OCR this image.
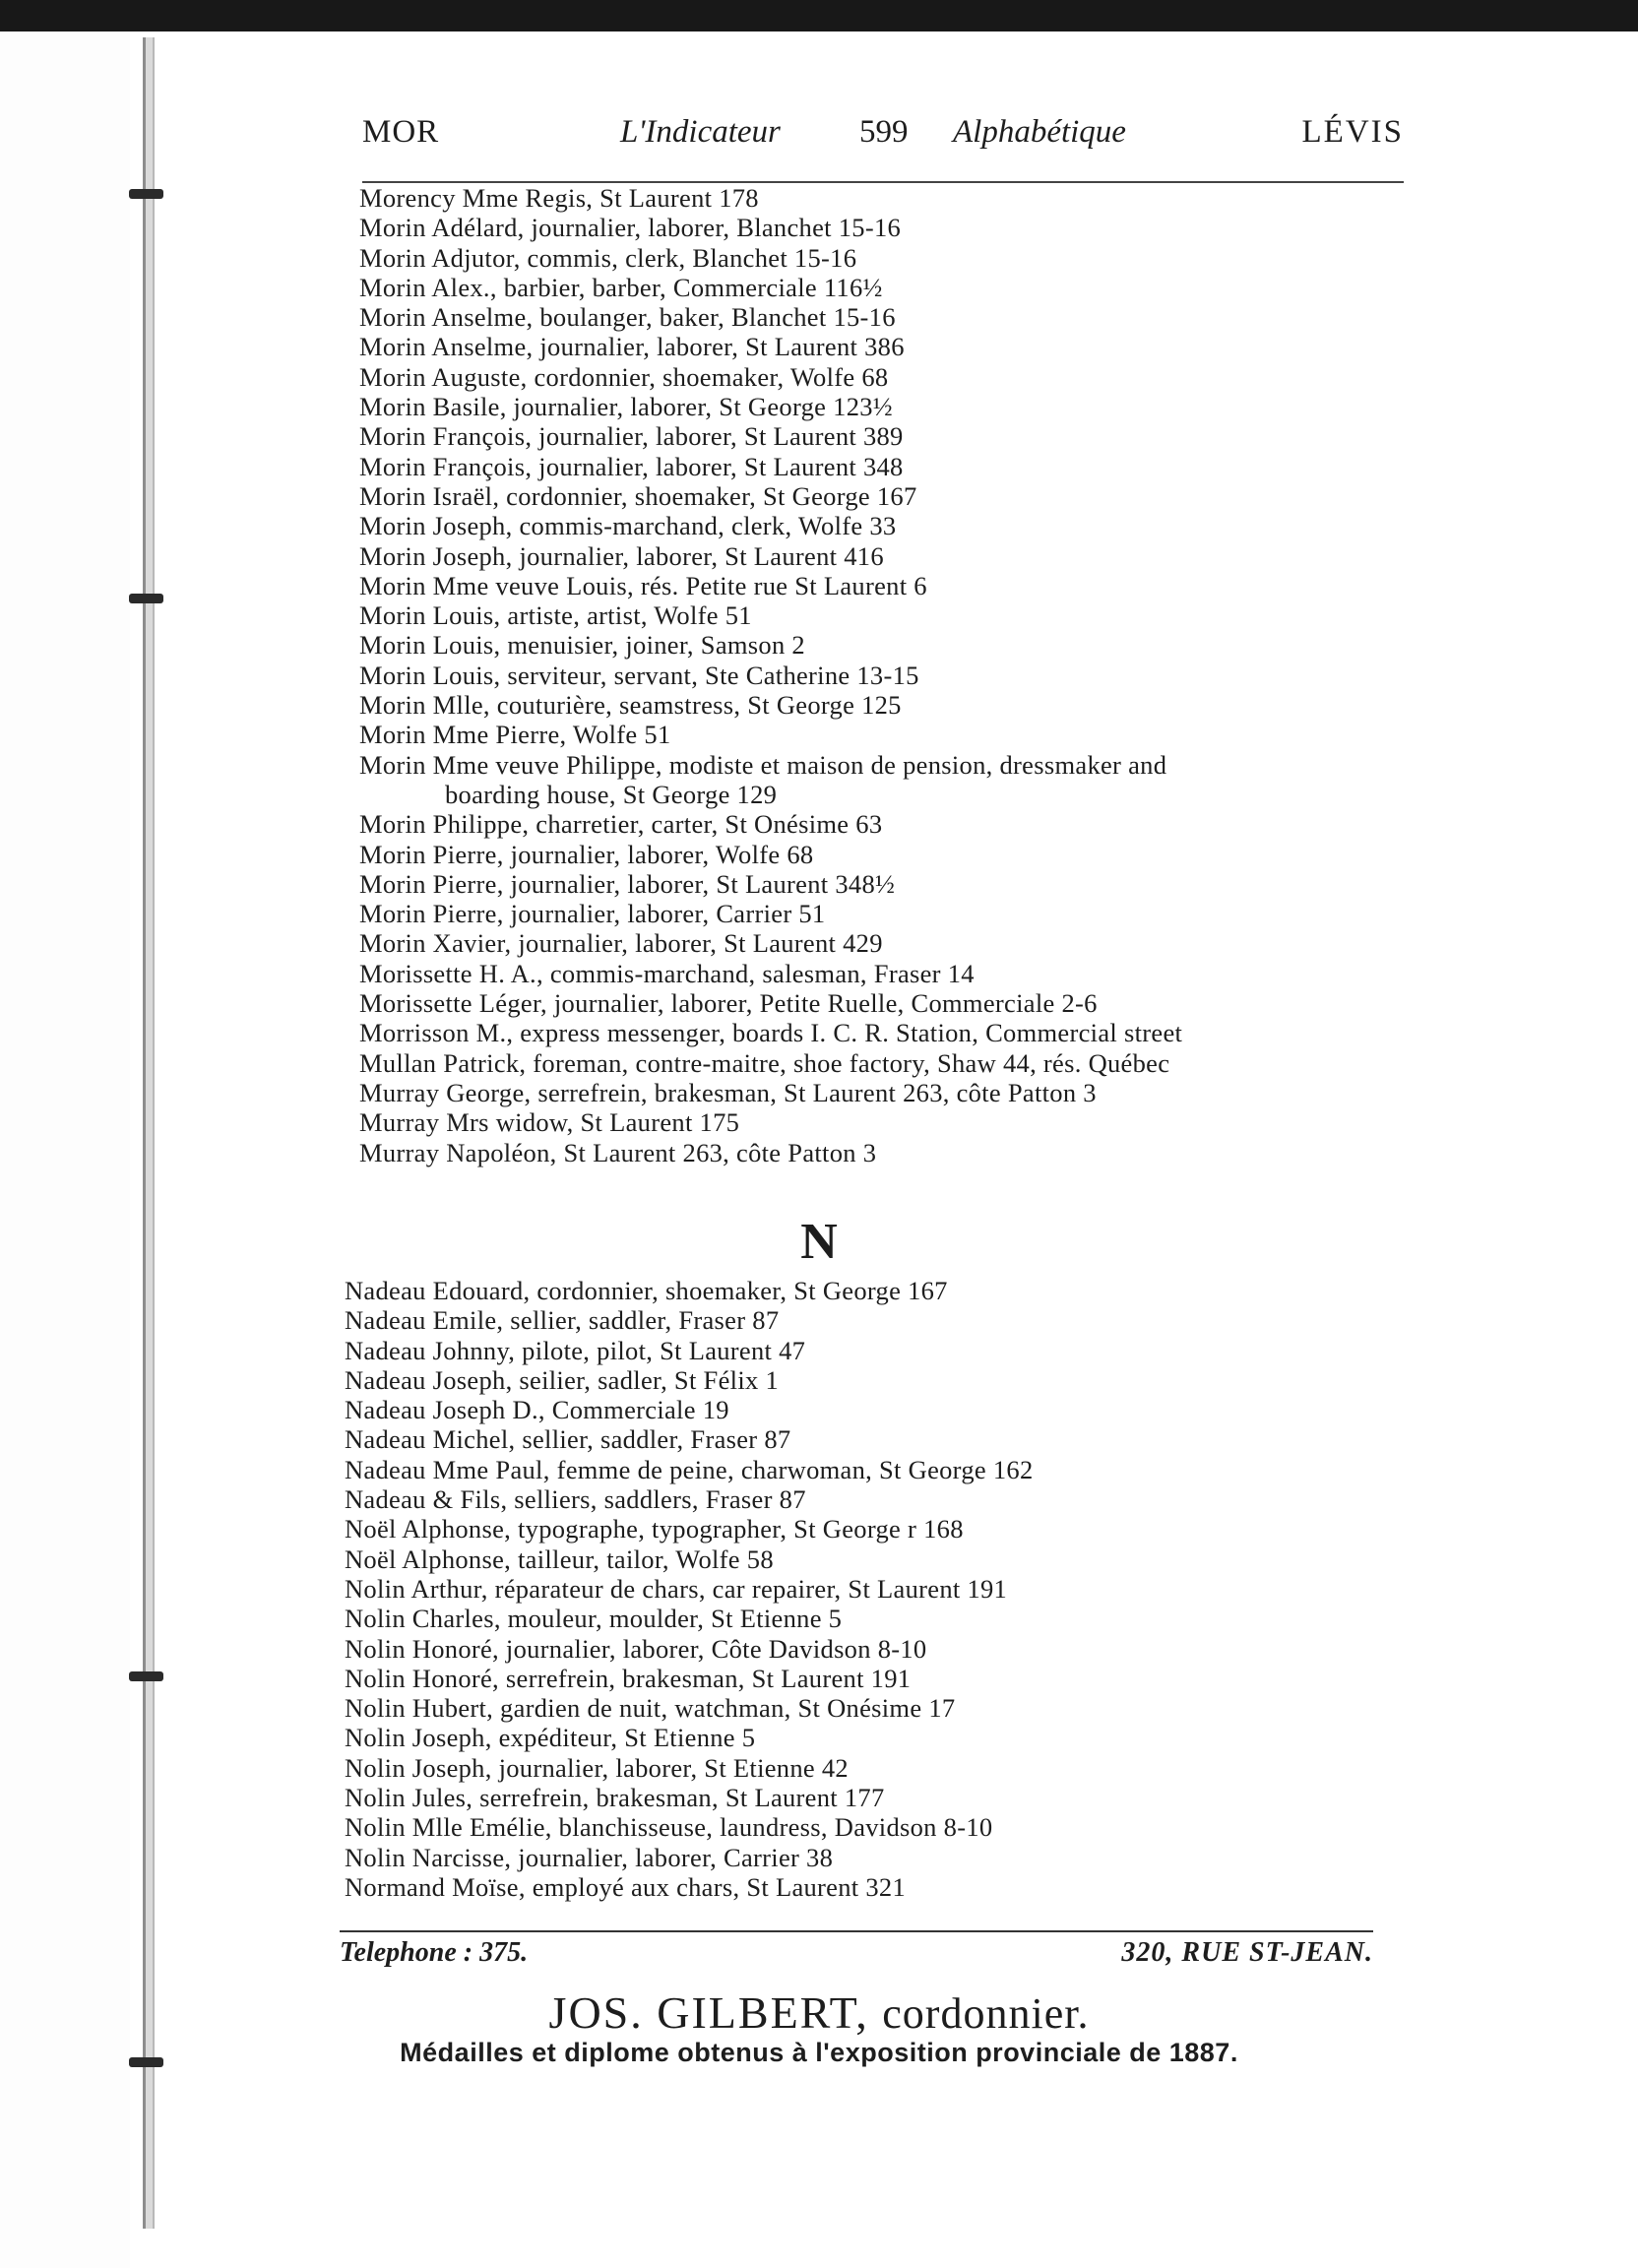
MOR	L'Indicateur 599 Alphabétique	LÉVIS
Morency Mme Regis, St Laurent 178
Morin Adélard, journalier, laborer, Blanchet 15-16
Morin Adjutor, commis, clerk, Blanchet 15-16
Morin Alex., barbier, barber, Commerciale 116½
Morin Anselme, boulanger, baker, Blanchet 15-16
Morin Anselme, journalier, laborer, St Laurent 386
Morin Auguste, cordonnier, shoemaker, Wolfe 68
Morin Basile, journalier, laborer, St George 123½
Morin François, journalier, laborer, St Laurent 389
Morin François, journalier, laborer, St Laurent 348
Morin Israël, cordonnier, shoemaker, St George 167
Morin Joseph, commis-marchand, clerk, Wolfe 33
Morin Joseph, journalier, laborer, St Laurent 416
Morin Mme veuve Louis, rés. Petite rue St Laurent 6
Morin Louis, artiste, artist, Wolfe 51
Morin Louis, menuisier, joiner, Samson 2
Morin Louis, serviteur, servant, Ste Catherine 13-15
Morin Mlle, couturière, seamstress, St George 125
Morin Mme Pierre, Wolfe 51
Morin Mme veuve Philippe, modiste et maison de pension, dressmaker and
boarding house, St George 129
Morin Philippe, charretier, carter, St Onésime 63
Morin Pierre, journalier, laborer, Wolfe 68
Morin Pierre, journalier, laborer, St Laurent 348½
Morin Pierre, journalier, laborer, Carrier 51
Morin Xavier, journalier, laborer, St Laurent 429
Morissette H. A., commis-marchand, salesman, Fraser 14
Morissette Léger, journalier, laborer, Petite Ruelle, Commerciale 2-6
Morrisson M., express messenger, boards I. C. R. Station, Commercial street
Mullan Patrick, foreman, contre-maitre, shoe factory, Shaw 44, rés. Québec
Murray George, serrefrein, brakesman, St Laurent 263, côte Patton 3
Murray Mrs widow, St Laurent 175
Murray Napoléon, St Laurent 263, côte Patton 3
N
Nadeau Edouard, cordonnier, shoemaker, St George 167
Nadeau Emile, sellier, saddler, Fraser 87
Nadeau Johnny, pilote, pilot, St Laurent 47
Nadeau Joseph, seilier, sadler, St Félix 1
Nadeau Joseph D., Commerciale 19
Nadeau Michel, sellier, saddler, Fraser 87
Nadeau Mme Paul, femme de peine, charwoman, St George 162
Nadeau & Fils, selliers, saddlers, Fraser 87
Noël Alphonse, typographe, typographer, St George r 168
Noël Alphonse, tailleur, tailor, Wolfe 58
Nolin Arthur, réparateur de chars, car repairer, St Laurent 191
Nolin Charles, mouleur, moulder, St Etienne 5
Nolin Honoré, journalier, laborer, Côte Davidson 8-10
Nolin Honoré, serrefrein, brakesman, St Laurent 191
Nolin Hubert, gardien de nuit, watchman, St Onésime 17
Nolin Joseph, expéditeur, St Etienne 5
Nolin Joseph, journalier, laborer, St Etienne 42
Nolin Jules, serrefrein, brakesman, St Laurent 177
Nolin Mlle Emélie, blanchisseuse, laundress, Davidson 8-10
Nolin Narcisse, journalier, laborer, Carrier 38
Normand Moïse, employé aux chars, St Laurent 321
Telephone : 375.	320, RUE ST-JEAN.
JOS. GILBERT, cordonnier.
Médailles et diplome obtenus à l'exposition provinciale de 1887.
